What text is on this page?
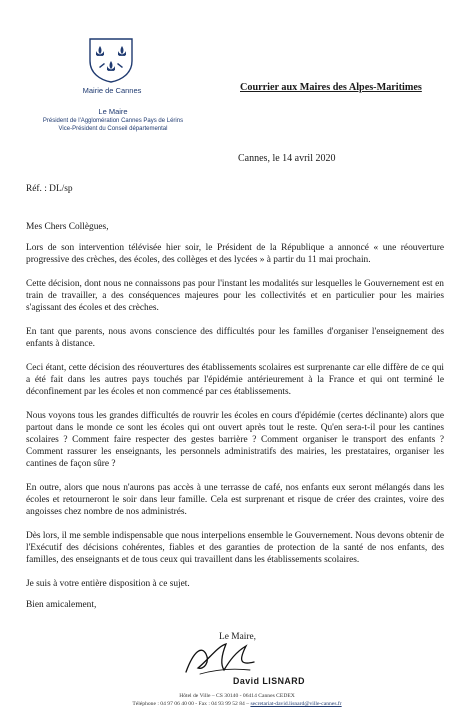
Mairie de Cannes
Le Maire
Président de l'Agglomération Cannes Pays de Lérins
Vice-Président du Conseil départemental
Courrier aux Maires des Alpes-Maritimes
Cannes, le 14 avril 2020
Réf. : DL/sp

Mes Chers Collègues,

Lors de son intervention télévisée hier soir, le Président de la République a annoncé « une réouverture progressive des crèches, des écoles, des collèges et des lycées » à partir du 11 mai prochain.

Cette décision, dont nous ne connaissons pas pour l'instant les modalités sur lesquelles le Gouvernement est en train de travailler, a des conséquences majeures pour les collectivités et en particulier pour les mairies s'agissant des écoles et des crèches.

En tant que parents, nous avons conscience des difficultés pour les familles d'organiser l'enseignement des enfants à distance.

Ceci étant, cette décision des réouvertures des établissements scolaires est surprenante car elle diffère de ce qui a été fait dans les autres pays touchés par l'épidémie antérieurement à la France et qui ont terminé le déconfinement par les écoles et non commencé par ces établissements.

Nous voyons tous les grandes difficultés de rouvrir les écoles en cours d'épidémie (certes déclinante) alors que partout dans le monde ce sont les écoles qui ont ouvert après tout le reste. Qu'en sera-t-il pour les cantines scolaires ? Comment faire respecter des gestes barrière ? Comment organiser le transport des enfants ? Comment rassurer les enseignants, les personnels administratifs des mairies, les prestataires, organiser les cantines de façon sûre ?

En outre, alors que nous n'aurons pas accès à une terrasse de café, nos enfants eux seront mélangés dans les écoles et retourneront le soir dans leur famille. Cela est surprenant et risque de créer des craintes, voire des angoisses chez nombre de nos administrés.

Dès lors, il me semble indispensable que nous interpelions ensemble le Gouvernement. Nous devons obtenir de l'Exécutif des décisions cohérentes, fiables et des garanties de protection de la santé de nos enfants, des familles, des enseignants et de tous ceux qui travaillent dans les établissements scolaires.

Je suis à votre entière disposition à ce sujet.

Bien amicalement,

Le Maire,
David LISNARD
Hôtel de Ville – CS 30140 - 06414 Cannes CEDEX
Téléphone : 04 97 06 40 00 - Fax : 04 93 99 52 84 – secretariat-david.lisnard@ville-cannes.fr
